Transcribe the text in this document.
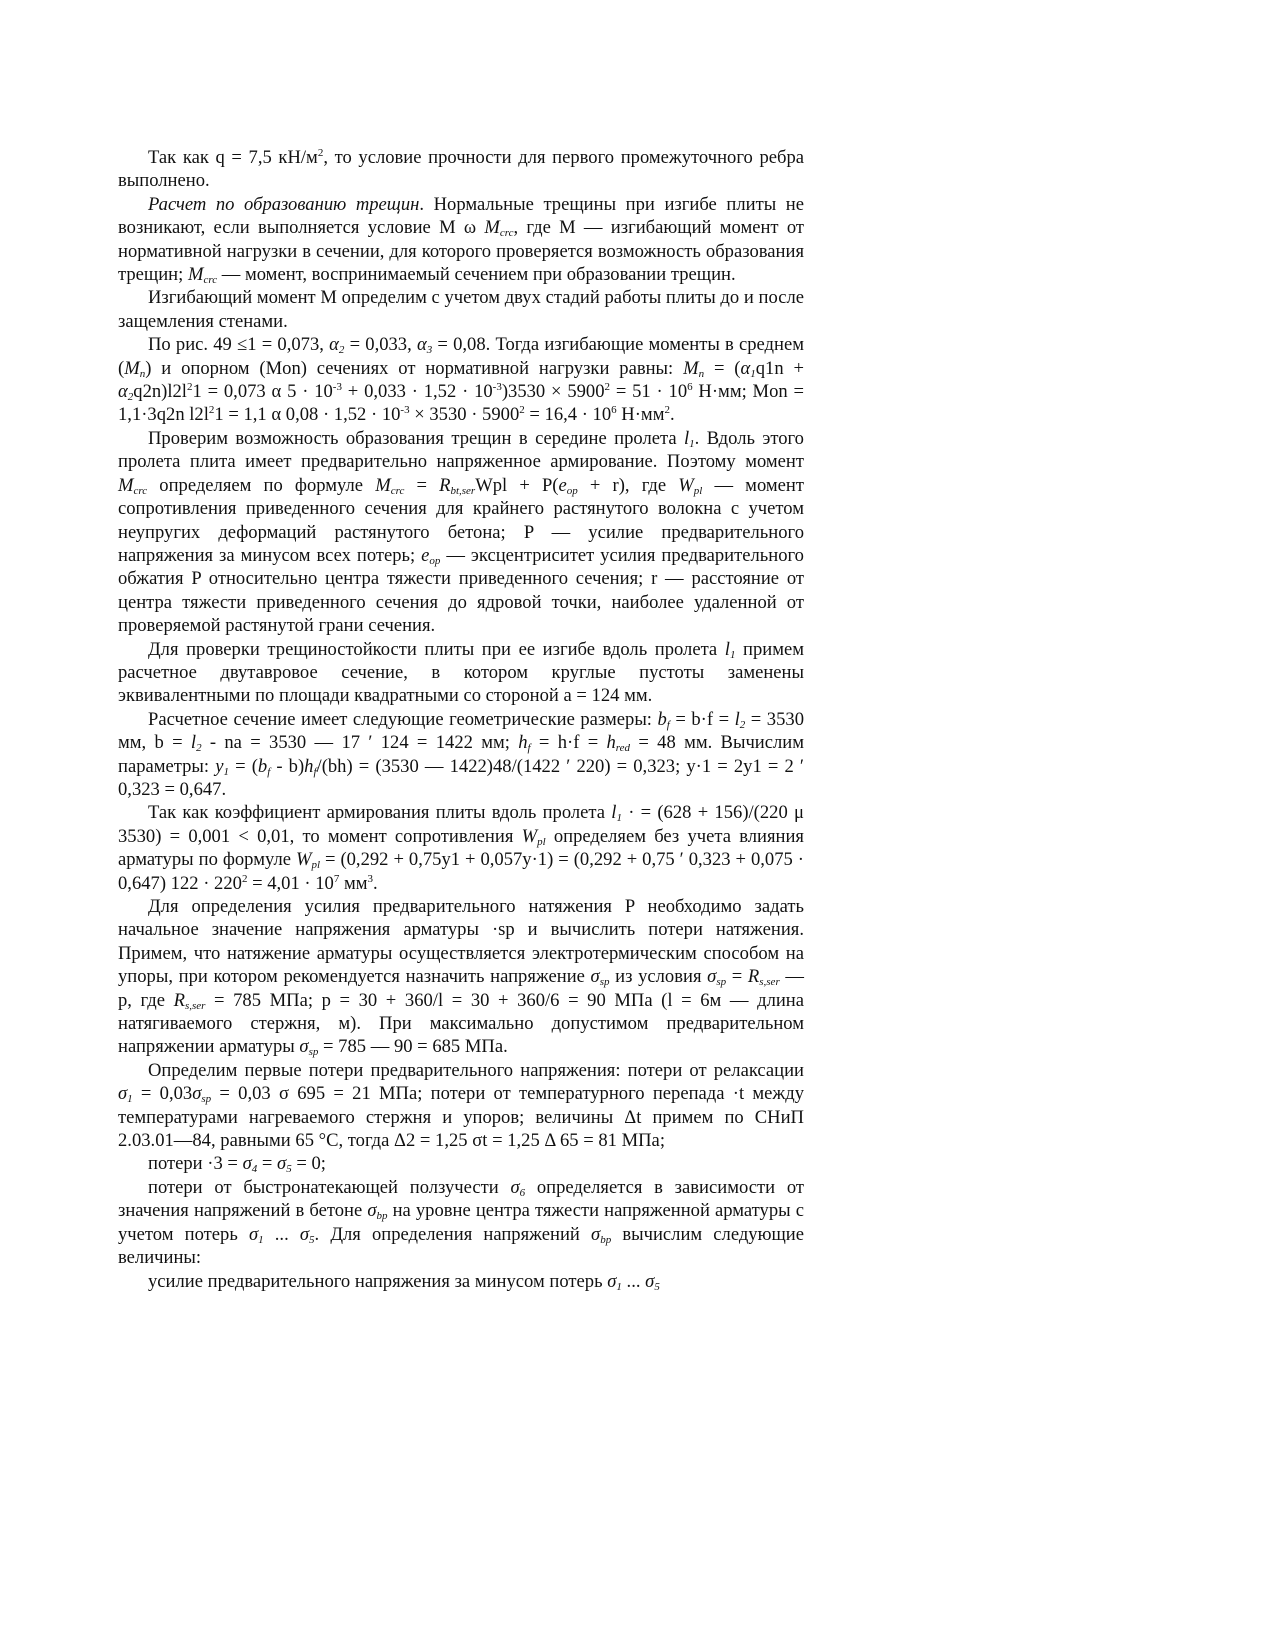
Так как q = 7,5 $кН/м^2$, то условие прочности для первого промежуточного ребра выполнено.

Расчет по образованию трещин. Нормальные трещины при изгибе плиты не возникают, если выполняется условие M ω $M_{crc}$, где M — изгибающий момент от нормативной нагрузки в сечении, для которого проверяется возможность образования трещин; $M_{crc}$ — момент, воспринимаемый сечением при образовании трещин.

Изгибающий момент M определим с учетом двух стадий работы плиты до и после защемления стенами.

По рис. 49 ≤1 = 0,073, $\alpha_2 = 0,033$, $\alpha_3 = 0,08$. Тогда изгибающие моменты в среднем $(M_n)$ и опорном (Mon) сечениях от нормативной нагрузки равны: $M_n = (\alpha_1q1n + \alpha_2q2n)l2l^21 = 0,073$ α $5 \cdot 10^{-3} + 0,033 \cdot 1,52 \cdot 10^{-3})3530 \times 5900^2 = 51 \cdot 10^6$ Н·мм; Mon = 1,1·3q2n $l2l^21 = 1,1$ α $0,08 \cdot 1,52 \cdot 10^{-3} \times 3530 \cdot 5900^2 = 16,4 \cdot 10^6$ $Н\cdot мм^2$.

Проверим возможность образования трещин в середине пролета $l_1$. Вдоль этого пролета плита имеет предварительно напряженное армирование. Поэтому момент $M_{crc}$ определяем по формуле $M_{crc} = R_{bt,ser}Wpl + P(e_{op} + r)$, где $W_{pl}$ — момент сопротивления приведенного сечения для крайнего растянутого волокна с учетом неупругих деформаций растянутого бетона; P — усилие предварительного напряжения за минусом всех потерь; $e_{op}$ — эксцентриситет усилия предварительного обжатия P относительно центра тяжести приведенного сечения; r — расстояние от центра тяжести приведенного сечения до ядровой точки, наиболее удаленной от проверяемой растянутой грани сечения.

Для проверки трещиностойкости плиты при ее изгибе вдоль пролета $l_1$ примем расчетное двутавровое сечение, в котором круглые пустоты заменены эквивалентными по площади квадратными со стороной a = 124 мм.

Расчетное сечение имеет следующие геометрические размеры: $b_f = b\cdot f = l_2 = 3530$ мм, $b = l_2$ - na = 3530 — 17 ′ 124 = 1422 мм; $h_f = h\cdot f = h_{red} = 48$ мм. Вычислим параметры: $y_1 = (b_f - b)h_f/(bh) = (3530$ — 1422)48/(1422 ′ 220) = 0,323; y·1 = 2y1 = 2 ′ 0,323 = 0,647.

Так как коэффициент армирования плиты вдоль пролета $l_1$ · = (628 + 156)/(220 μ 3530) = 0,001 < 0,01, то момент сопротивления $W_{pl}$ определяем без учета влияния арматуры по формуле $W_{pl} = (0,292 + 0,75y1 + 0,057y\cdot 1) = (0,292 + 0,75$ ′ 0,323 + 0,075 · 0,647) $122 \cdot 220^2 = 4,01 \cdot 10^7$ $мм^3$.

Для определения усилия предварительного натяжения P необходимо задать начальное значение напряжения арматуры ·sp и вычислить потери натяжения. Примем, что натяжение арматуры осуществляется электротермическим способом на упоры, при котором рекомендуется назначить напряжение $\sigma_{sp}$ из условия $\sigma_{sp} = R_{s,ser}$ — p, где $R_{s,ser} = 785$ МПа; p = 30 + 360/l = 30 + 360/6 = 90 МПа (l = 6м — длина натягиваемого стержня, м). При максимально допустимом предварительном напряжении арматуры $\sigma_{sp} = 785$ — 90 = 685 МПа.

Определим первые потери предварительного напряжения: потери от релаксации $\sigma_1 = 0,03\sigma_{sp} = 0,03$ σ 695 = 21 МПа; потери от температурного перепада ·t между температурами нагреваемого стержня и упоров; величины Δt примем по СНиП 2.03.01—84, равными 65 °С, тогда Δ2 = 1,25 σt = 1,25 Δ 65 = 81 МПа;

потери $\cdot 3 = \sigma_4 = \sigma_5 = 0$;

потери от быстронатекающей ползучести $\sigma_6$ определяется в зависимости от значения напряжений в бетоне $\sigma_{bp}$ на уровне центра тяжести напряженной арматуры с учетом потерь $\sigma_1$ ... $\sigma_5$. Для определения напряжений $\sigma_{bp}$ вычислим следующие величины:

усилие предварительного напряжения за минусом потерь $\sigma_1$ ... $\sigma_5$
